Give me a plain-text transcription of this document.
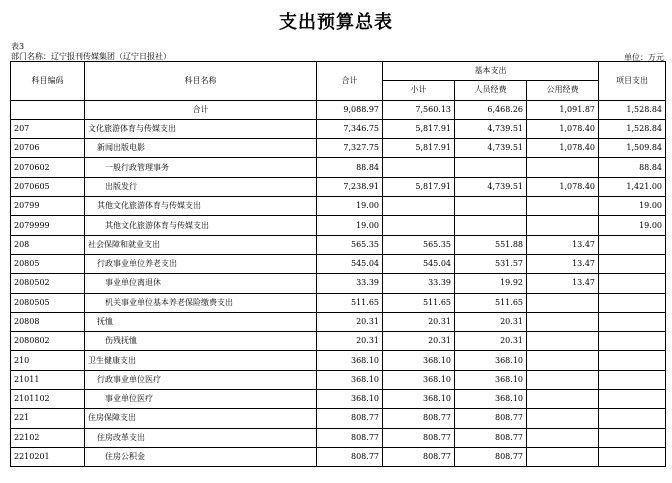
支出预算总表
表3
部门名称：辽宁报刊传媒集团（辽宁日报社）	单位：万元
科目编码	科目名称	合计	基本支出			项目支出
			小计	人员经费	公用经费	
	合计	9,088.97	7,560.13	6,468.26	1,091.87	1,528.84
207	文化旅游体育与传媒支出	7,346.75	5,817.91	4,739.51	1,078.40	1,528.84
20706	新闻出版电影	7,327.75	5,817.91	4,739.51	1,078.40	1,509.84
2070602	一般行政管理事务	88.84				88.84
2070605	出版发行	7,238.91	5,817.91	4,739.51	1,078.40	1,421.00
20799	其他文化旅游体育与传媒支出	19.00				19.00
2079999	其他文化旅游体育与传媒支出	19.00				19.00
208	社会保障和就业支出	565.35	565.35	551.88	13.47	
20805	行政事业单位养老支出	545.04	545.04	531.57	13.47	
2080502	事业单位离退休	33.39	33.39	19.92	13.47	
2080505	机关事业单位基本养老保险缴费支出	511.65	511.65	511.65		
20808	抚恤	20.31	20.31	20.31		
2080802	伤残抚恤	20.31	20.31	20.31		
210	卫生健康支出	368.10	368.10	368.10		
21011	行政事业单位医疗	368.10	368.10	368.10		
2101102	事业单位医疗	368.10	368.10	368.10		
221	住房保障支出	808.77	808.77	808.77		
22102	住房改革支出	808.77	808.77	808.77		
2210201	住房公积金	808.77	808.77	808.77		
